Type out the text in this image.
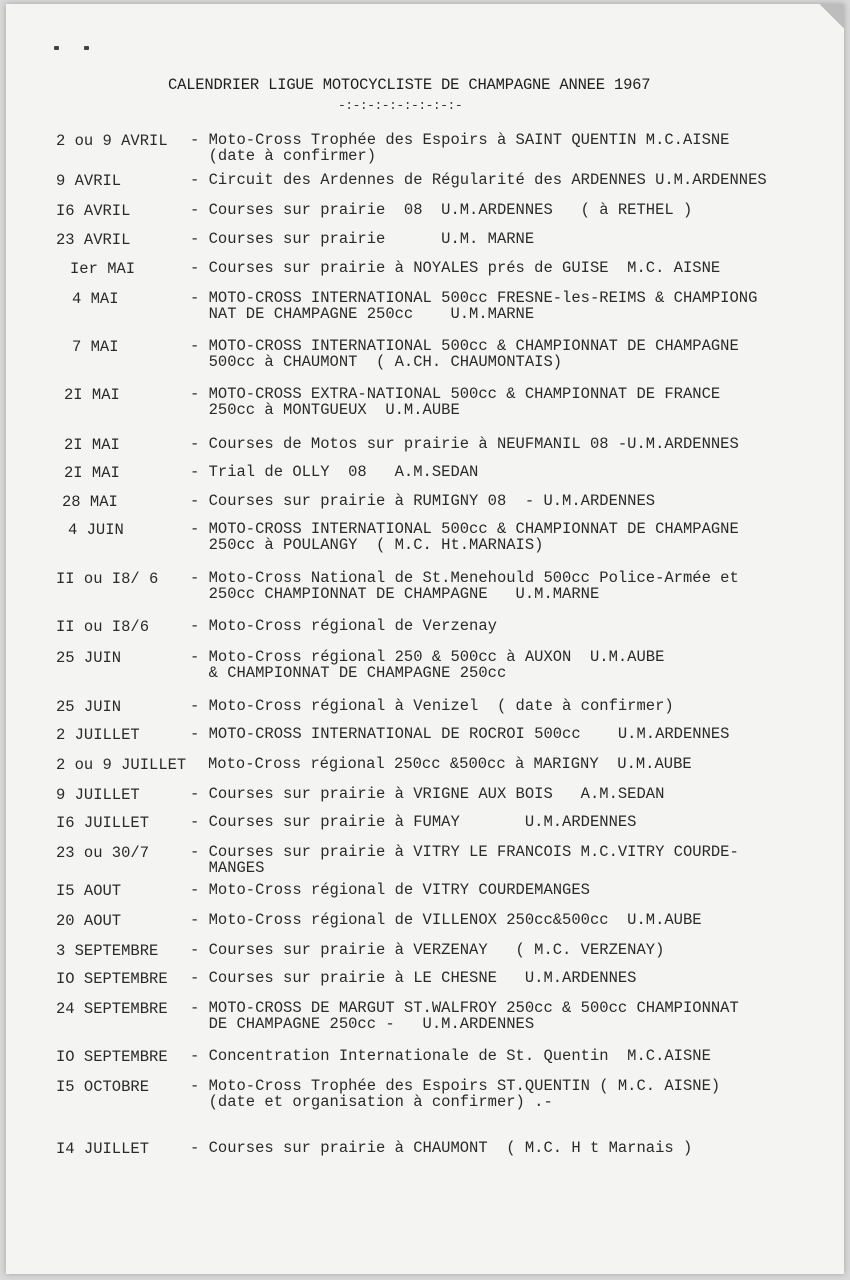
CALENDRIER LIGUE MOTOCYCLISTE DE CHAMPAGNE ANNEE 1967
-:-:-:-:-:-:-:-:-
2 ou 9 AVRIL - Moto-Cross Trophée des Espoirs à SAINT QUENTIN M.C.AISNE
(date à confirmer)
9 AVRIL	- Circuit des Ardennes de Régularité des ARDENNES U.M.ARDENNES
I6 AVRIL	- Courses sur prairie  08  U.M.ARDENNES   ( à RETHEL )
23 AVRIL	- Courses sur prairie      U.M. MARNE
Ier MAI	- Courses sur prairie à NOYALES prés de GUISE  M.C. AISNE
4 MAI	- MOTO-CROSS INTERNATIONAL 500cc FRESNE-les-REIMS & CHAMPIONG
NAT DE CHAMPAGNE 250cc    U.M.MARNE
7 MAI	- MOTO-CROSS INTERNATIONAL 500cc & CHAMPIONNAT DE CHAMPAGNE
500cc à CHAUMONT  ( A.CH. CHAUMONTAIS)
2I MAI	- MOTO-CROSS EXTRA-NATIONAL 500cc & CHAMPIONNAT DE FRANCE
250cc à MONTGUEUX  U.M.AUBE
2I MAI	- Courses de Motos sur prairie à NEUFMANIL 08 -U.M.ARDENNES
2I MAI	- Trial de OLLY  08   A.M.SEDAN
28 MAI	- Courses sur prairie à RUMIGNY 08  - U.M.ARDENNES
4 JUIN	- MOTO-CROSS INTERNATIONAL 500cc & CHAMPIONNAT DE CHAMPAGNE
250cc à POULANGY  ( M.C. Ht.MARNAIS)
II ou I8/ 6 - Moto-Cross National de St.Menehould 500cc Police-Armée et
250cc CHAMPIONNAT DE CHAMPAGNE   U.M.MARNE
II ou I8/6	- Moto-Cross régional de Verzenay
25 JUIN	- Moto-Cross régional 250 & 500cc à AUXON  U.M.AUBE
& CHAMPIONNAT DE CHAMPAGNE 250cc
25 JUIN	- Moto-Cross régional à Venizel  ( date à confirmer)
2 JUILLET	- MOTO-CROSS INTERNATIONAL DE ROCROI 500cc    U.M.ARDENNES
2 ou 9 JUILLET Moto-Cross régional 250cc &500cc à MARIGNY  U.M.AUBE
9 JUILLET	- Courses sur prairie à VRIGNE AUX BOIS   A.M.SEDAN
I6 JUILLET	- Courses sur prairie à FUMAY       U.M.ARDENNES
23 ou 30/7	- Courses sur prairie à VITRY LE FRANCOIS M.C.VITRY COURDE-
MANGES
I5 AOUT	- Moto-Cross régional de VITRY COURDEMANGES
20 AOUT	- Moto-Cross régional de VILLENOX 250cc&500cc  U.M.AUBE
3 SEPTEMBRE - Courses sur prairie à VERZENAY   ( M.C. VERZENAY)
IO SEPTEMBRE - Courses sur prairie à LE CHESNE   U.M.ARDENNES
24 SEPTEMBRE - MOTO-CROSS DE MARGUT ST.WALFROY 250cc & 500cc CHAMPIONNAT
DE CHAMPAGNE 250cc -   U.M.ARDENNES
IO SEPTEMBRE - Concentration Internationale de St. Quentin  M.C.AISNE
I5 OCTOBRE	- Moto-Cross Trophée des Espoirs ST.QUENTIN ( M.C. AISNE)
(date et organisation à confirmer) .-
I4 JUILLET	- Courses sur prairie à CHAUMONT  ( M.C. H t Marnais )
